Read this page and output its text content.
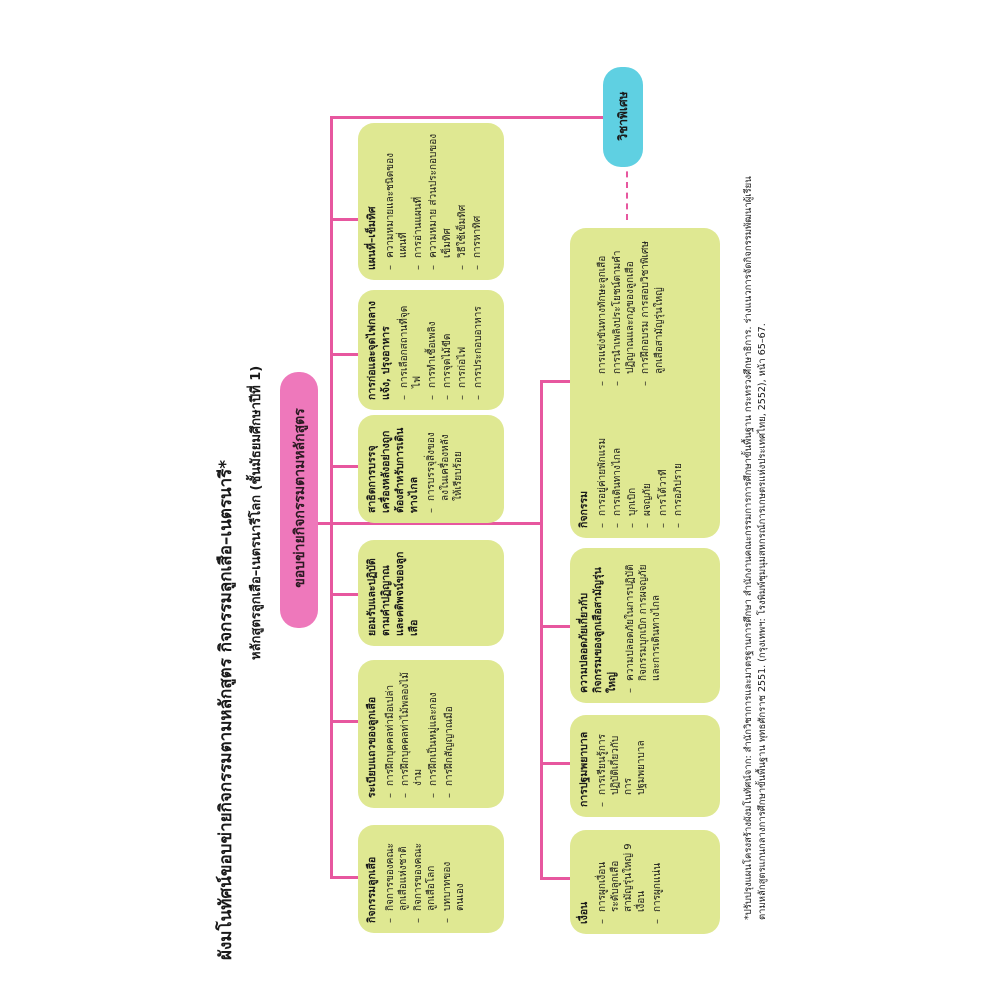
ผังมโนทัศน์ขอบข่ายกิจกรรมตามหลักสูตร กิจกรรมลูกเสือ–เนตรนารี*	หลักสูตรลูกเสือ–เนตรนารีโลก (ชั้นมัธยมศึกษาปีที่ 1) ขอบข่ายกิจกรรมตามหลักสูตร
วิชาพิเศษ
กิจกรรมลูกเสือ – กิจการของคณะลูกเสือแห่งชาติ – กิจการของคณะลูกเสือโลก – บทบาทของตนเอง
ระเบียบแถวของลูกเสือ – การฝึกบุคคลท่ามือเปล่า – การฝึกบุคคลท่าไม้พลองไม้ง่าม – การฝึกเป็นหมู่และกอง – การฝึกสัญญาณมือ
ยอมรับและปฏิบัติตามคำปฏิญาณ และคติพจน์ของลูกเสือ
สาธิตการบรรจุเครื่องหลังอย่างถูกต้องสำหรับการเดินทางไกล – การบรรจุสิ่งของลงในเครื่องหลังให้เรียบร้อย
การก่อและจุดไฟกลางแจ้ง, ปรุงอาหาร – การเลือกสถานที่จุดไฟ – การทำเชื้อเพลิง – การจุดไม้ขีด – การก่อไฟ – การประกอบอาหาร
แผนที่–เข็มทิศ – ความหมายและชนิดของแผนที่ – การอ่านแผนที่ – ความหมาย ส่วนประกอบของเข็มทิศ – วิธีใช้เข็มทิศ – การหาทิศ
เงื่อน
– การผูกเงื่อนระดับลูกเสือสามัญรุ่นใหญ่ 9 เงื่อน – การผูกแน่น
การปฐมพยาบาล – การเรียนรู้การปฏิบัติเกี่ยวกับการปฐมพยาบาล
ความปลอดภัยเกี่ยวกับกิจกรรมของลูกเสือสามัญรุ่นใหญ่
– ความปลอดภัยในการปฏิบัติกิจกรรมบุกเบิก การผจญภัย และการเดินทางไกล
กิจกรรม – การอยู่ค่ายพักแรม – การเดินทางไกล – บุกเบิก – ผจญภัย – การโต้วาที – การอภิปราย
– การแข่งขันทางทักษะลูกเสือ – การนำเพลิงประโยชน์ตามคำปฏิญาณและกฎของลูกเสือ – การฝึกอบรม การสอบวิชาพิเศษลูกเสือสามัญรุ่นใหญ่	*ปรับปรุงแผนโครงสร้างผังมโนทัศน์จาก: สำนักวิชาการและมาตรฐานการศึกษา สำนักงานคณะกรรมการการศึกษาขั้นพื้นฐาน กระทรวงศึกษาธิการ. ร่างแนวการจัดกิจกรรมพัฒนาผู้เรียน ตามหลักสูตรแกนกลางการศึกษาขั้นพื้นฐาน พุทธศักราช 2551. (กรุงเทพฯ: โรงพิมพ์ชุมนุมสหกรณ์การเกษตรแห่งประเทศไทย, 2552), หน้า 65–67.
